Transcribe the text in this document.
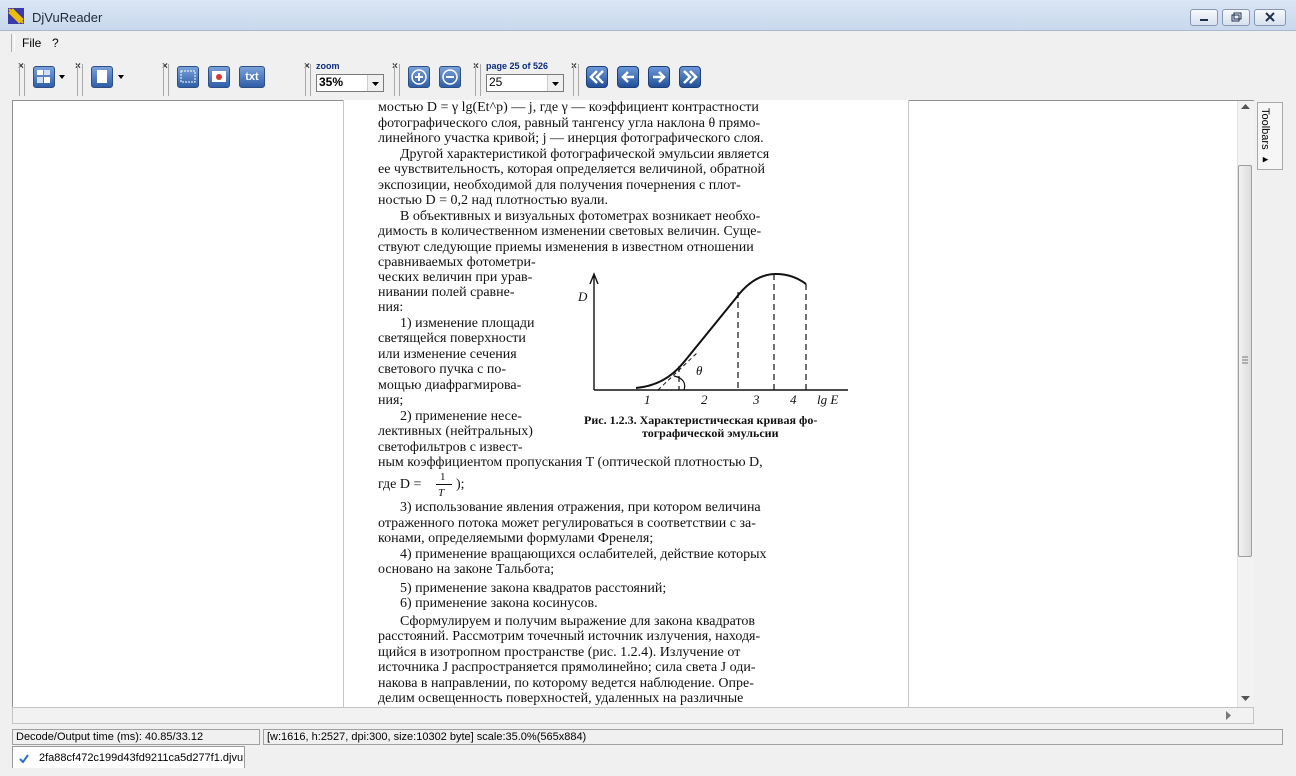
DjVuReader
File ?
×	×	×
txt
× zoom
35%
×	× page 25 of 526
25
×
мостью D = γ lg(Et^p) — j, где γ — коэффициент контрастности
фотографического слоя, равный тангенсу угла наклона θ прямо-
линейного участка кривой; j — инерция фотографического слоя.
Другой характеристикой фотографической эмульсии является
ее чувствительность, которая определяется величиной, обратной
экспозиции, необходимой для получения почернения с плот-
ностью D = 0,2 над плотностью вуали.
В объективных и визуальных фотометрах возникает необхо-
димость в количественном изменении световых величин. Суще-
ствуют следующие приемы изменения в известном отношении
сравниваемых фотометри-
ческих величин при урав-
нивании полей сравне-
ния:
1) изменение площади
светящейся поверхности
или изменение сечения
светового пучка с по-
мощью диафрагмирова-
ния;
2) применение несе-
лективных (нейтральных)
светофильтров с извест-
ным коэффициентом пропускания T (оптической плотностью D,
где D = 1
T
);
3) использование явления отражения, при котором величина
отраженного потока может регулироваться в соответствии с за-
конами, определяемыми формулами Френеля;
4) применение вращающихся ослабителей, действие которых
основано на законе Тальбота;
5) применение закона квадратов расстояний;
6) применение закона косинусов.
Сформулируем и получим выражение для закона квадратов
расстояний. Рассмотрим точечный источник излучения, находя-
щийся в изотропном пространстве (рис. 1.2.4). Излучение от
источника J распространяется прямолинейно; сила света J оди-
накова в направлении, по которому ведется наблюдение. Опре-
делим освещенность поверхностей, удаленных на различные
D
θ
1	2	3 4 lg E
Рис. 1.2.3. Характеристическая кривая фо-
тографической эмульсии
Toolbars ▸
Decode/Output time (ms): 40.85/33.12	[w:1616, h:2527, dpi:300, size:10302 byte] scale:35.0%(565x884)
2fa88cf472c199d43fd9211ca5d277f1.djvu
